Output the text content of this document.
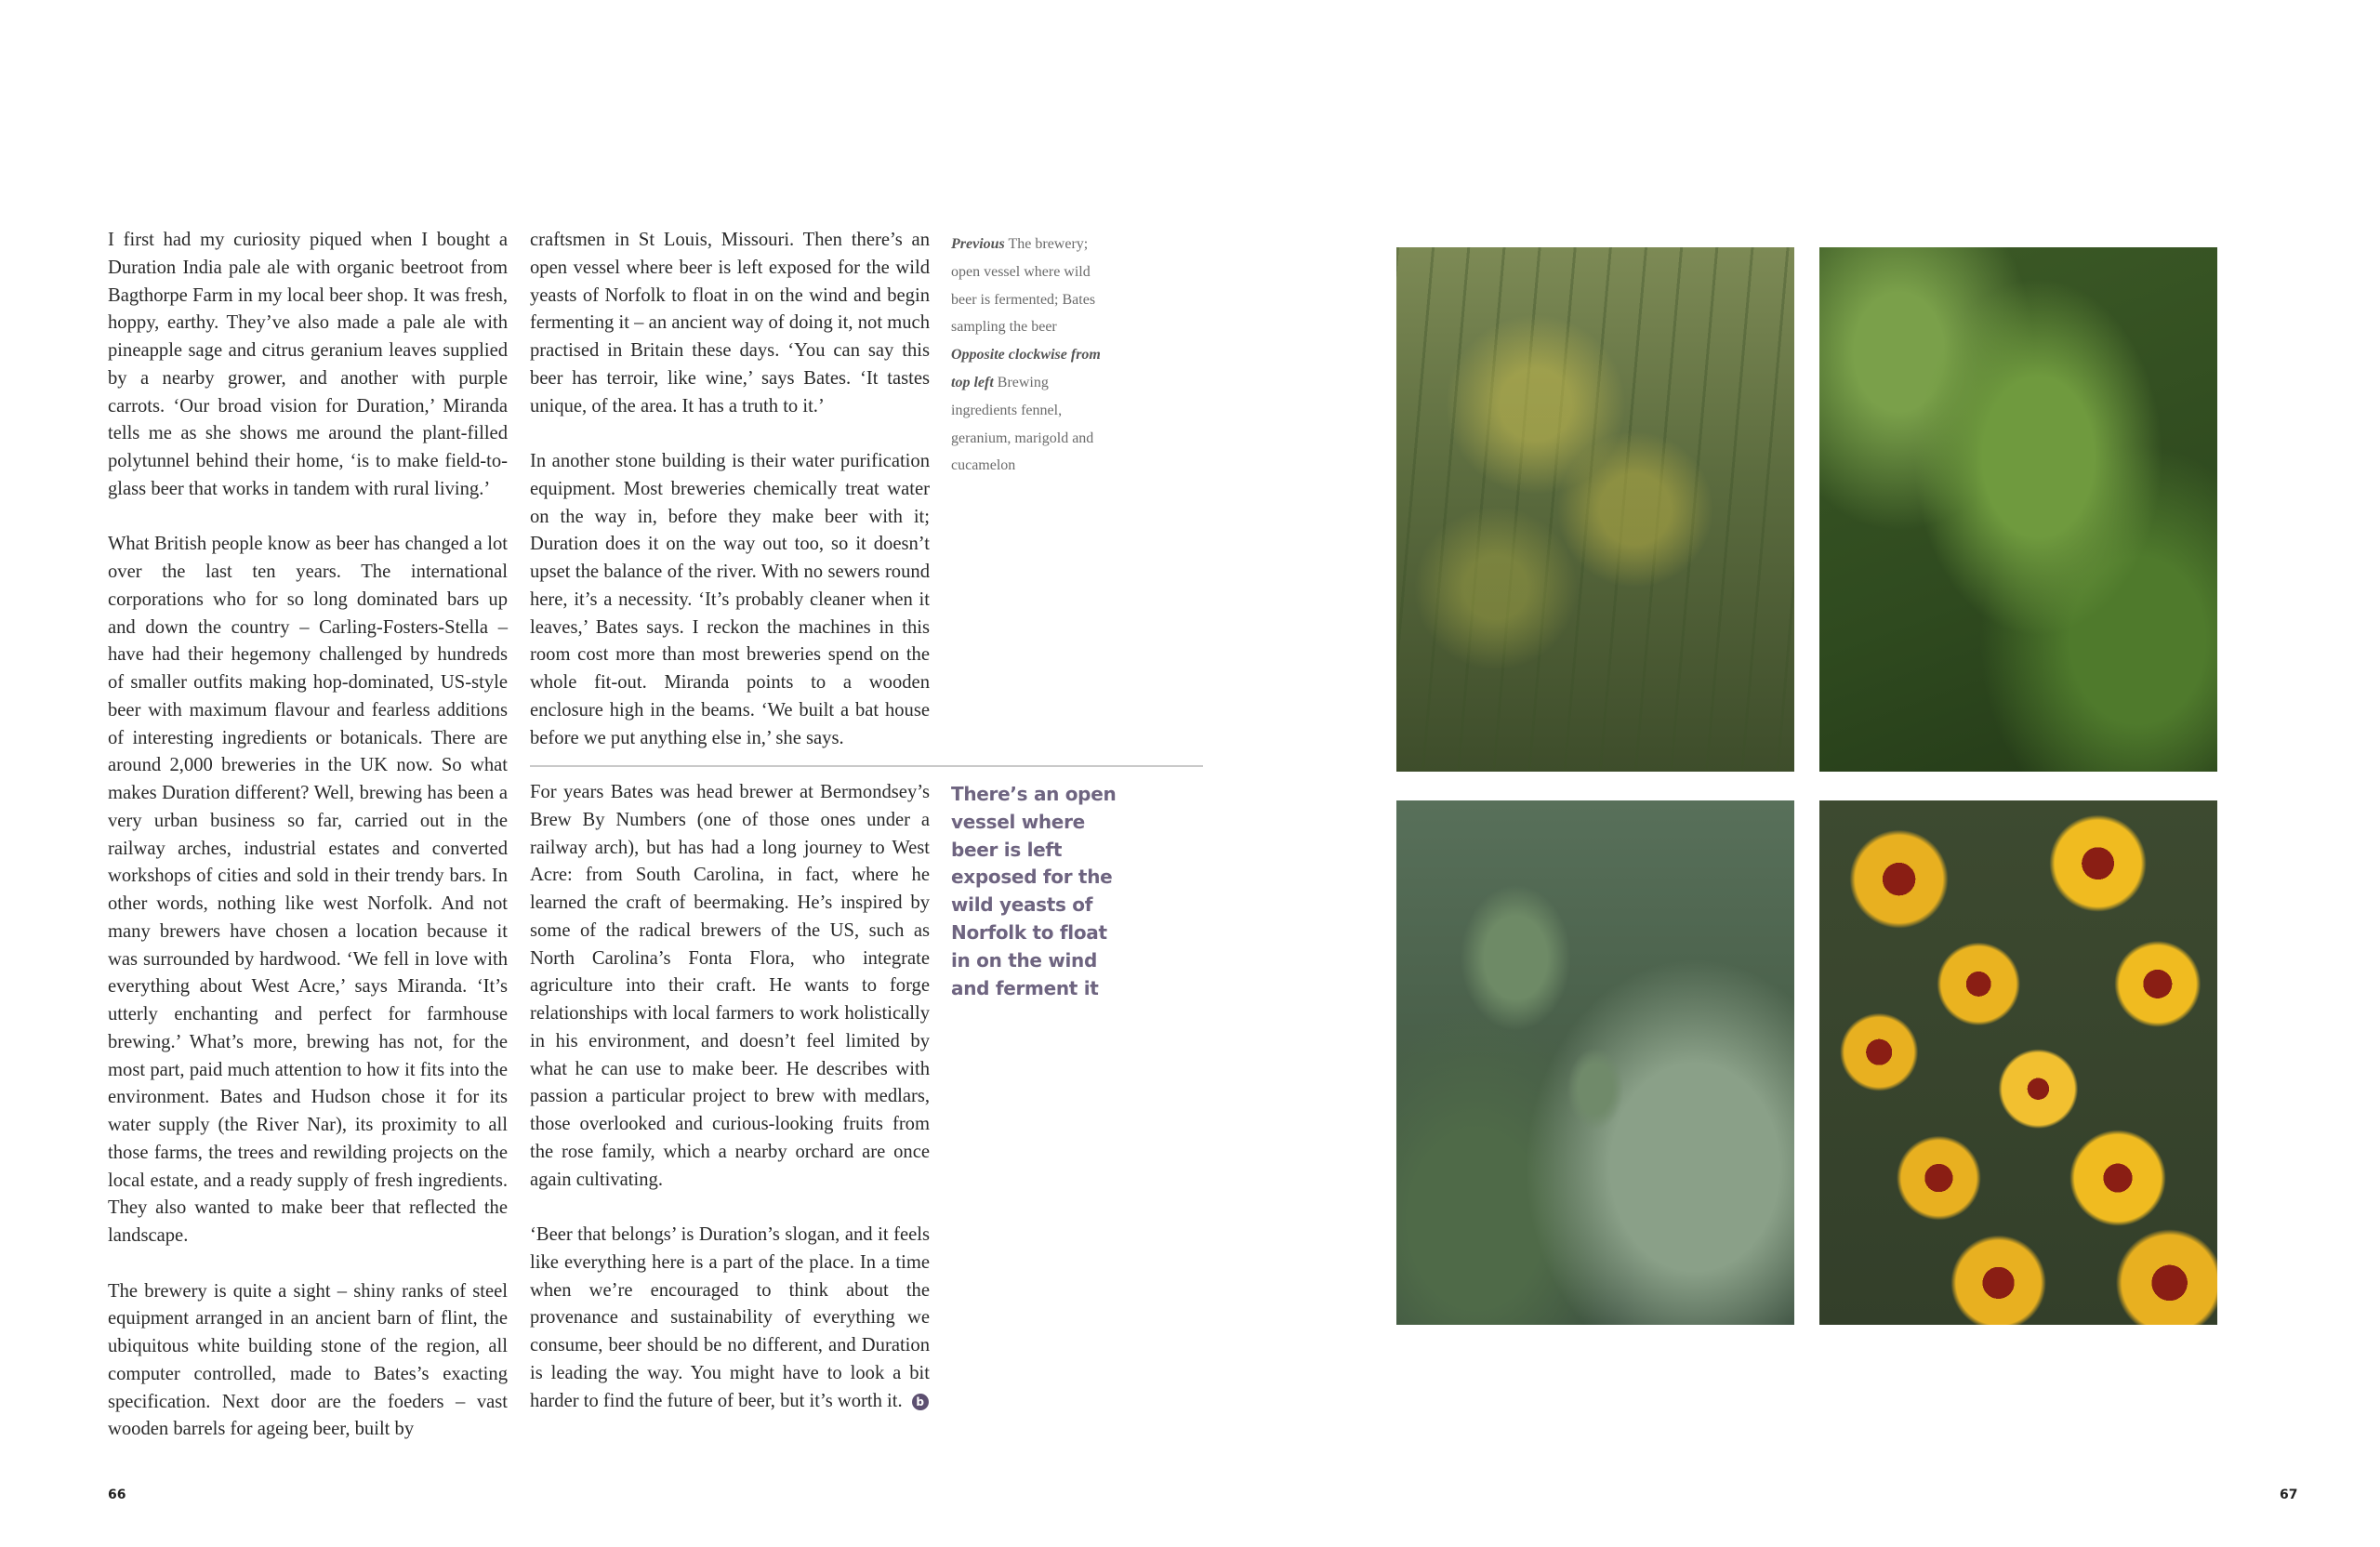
I first had my curiosity piqued when I bought a Duration India pale ale with organic beetroot from Bagthorpe Farm in my local beer shop. It was fresh, hoppy, earthy. They’ve also made a pale ale with pineapple sage and citrus geranium leaves supplied by a nearby grower, and another with purple carrots. ‘Our broad vision for Duration,’ Miranda tells me as she shows me around the plant-filled polytunnel behind their home, ‘is to make field-to-glass beer that works in tandem with rural living.’

What British people know as beer has changed a lot over the last ten years. The international corporations who for so long dominated bars up and down the country – Carling-Fosters-Stella – have had their hegemony challenged by hundreds of smaller outfits making hop-dominated, US-style beer with maximum flavour and fearless additions of interesting ingredients or botanicals. There are around 2,000 breweries in the UK now. So what makes Duration different? Well, brewing has been a very urban business so far, carried out in the railway arches, industrial estates and converted workshops of cities and sold in their trendy bars. In other words, nothing like west Norfolk. And not many brewers have chosen a location because it was surrounded by hardwood. ‘We fell in love with everything about West Acre,’ says Miranda. ‘It’s utterly enchanting and perfect for farmhouse brewing.’ What’s more, brewing has not, for the most part, paid much attention to how it fits into the environment. Bates and Hudson chose it for its water supply (the River Nar), its proximity to all those farms, the trees and rewilding projects on the local estate, and a ready supply of fresh ingredients. They also wanted to make beer that reflected the landscape.

The brewery is quite a sight – shiny ranks of steel equipment arranged in an ancient barn of flint, the ubiquitous white building stone of the region, all computer controlled, made to Bates’s exacting specification. Next door are the foeders – vast wooden barrels for ageing beer, built by

craftsmen in St Louis, Missouri. Then there’s an open vessel where beer is left exposed for the wild yeasts of Norfolk to float in on the wind and begin fermenting it – an ancient way of doing it, not much practised in Britain these days. ‘You can say this beer has terroir, like wine,’ says Bates. ‘It tastes unique, of the area. It has a truth to it.’

In another stone building is their water purification equipment. Most breweries chemically treat water on the way in, before they make beer with it; Duration does it on the way out too, so it doesn’t upset the balance of the river. With no sewers round here, it’s a necessity. ‘It’s probably cleaner when it leaves,’ Bates says. I reckon the machines in this room cost more than most breweries spend on the whole fit-out. Miranda points to a wooden enclosure high in the beams. ‘We built a bat house before we put anything else in,’ she says.

For years Bates was head brewer at Bermondsey’s Brew By Numbers (one of those ones under a railway arch), but has had a long journey to West Acre: from South Carolina, in fact, where he learned the craft of beermaking. He’s inspired by some of the radical brewers of the US, such as North Carolina’s Fonta Flora, who integrate agriculture into their craft. He wants to forge relationships with local farmers to work holistically in his environment, and doesn’t feel limited by what he can use to make beer. He describes with passion a particular project to brew with medlars, those overlooked and curious-looking fruits from the rose family, which a nearby orchard are once again cultivating.

‘Beer that belongs’ is Duration’s slogan, and it feels like everything here is a part of the place. In a time when we’re encouraged to think about the provenance and sustainability of everything we consume, beer should be no different, and Duration is leading the way. You might have to look a bit harder to find the future of beer, but it’s worth it. b

Previous The brewery; open vessel where wild beer is fermented; Bates sampling the beer Opposite clockwise from top left Brewing ingredients fennel, geranium, marigold and cucamelon
There’s an open vessel where beer is left exposed for the wild yeasts of Norfolk to float in on the wind and ferment it
66	67
